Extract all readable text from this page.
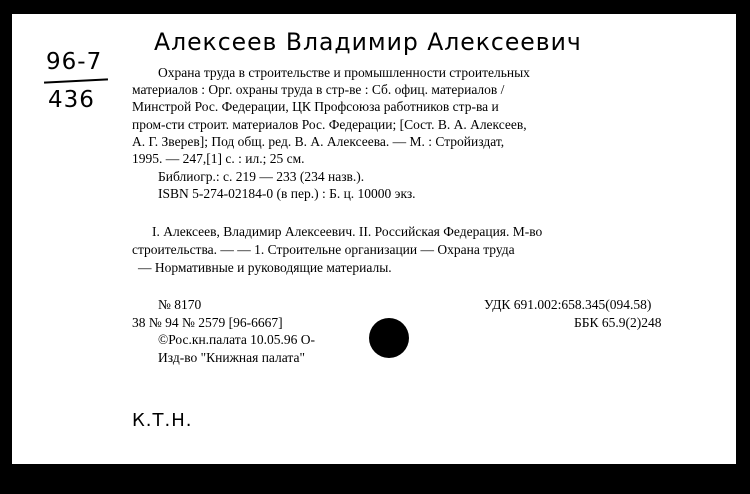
Алексеев Владимир Алексеевич
96-7
436
К.Т.Н.
Охрана труда в строительстве и промышленности строительных
материалов : Орг. охраны труда в стр-ве : Сб. офиц. материалов /
Минстрой Рос. Федерации, ЦК Профсоюза работников стр-ва и
пром-сти строит. материалов Рос. Федерации; [Сост. В. А. Алексеев,
А. Г. Зверев]; Под общ. ред. В. А. Алексеева. — М. : Стройиздат,
1995. — 247,[1] с. : ил.; 25 см.
Библиогр.: с. 219 — 233 (234 назв.).
ISBN 5-274-02184-0 (в пер.) : Б. ц. 10000 экз.
I. Алексеев, Владимир Алексеевич. II. Российская Федерация. М-во
строительства. — — 1. Строительне организации — Охрана труда
— Нормативные и руководящие материалы.
№ 8170
38 № 94 № 2579 [96-6667]
©Рос.кн.палата 10.05.96 О-
Изд-во "Книжная палата"
УДК 691.002:658.345(094.58)
ББК 65.9(2)248
